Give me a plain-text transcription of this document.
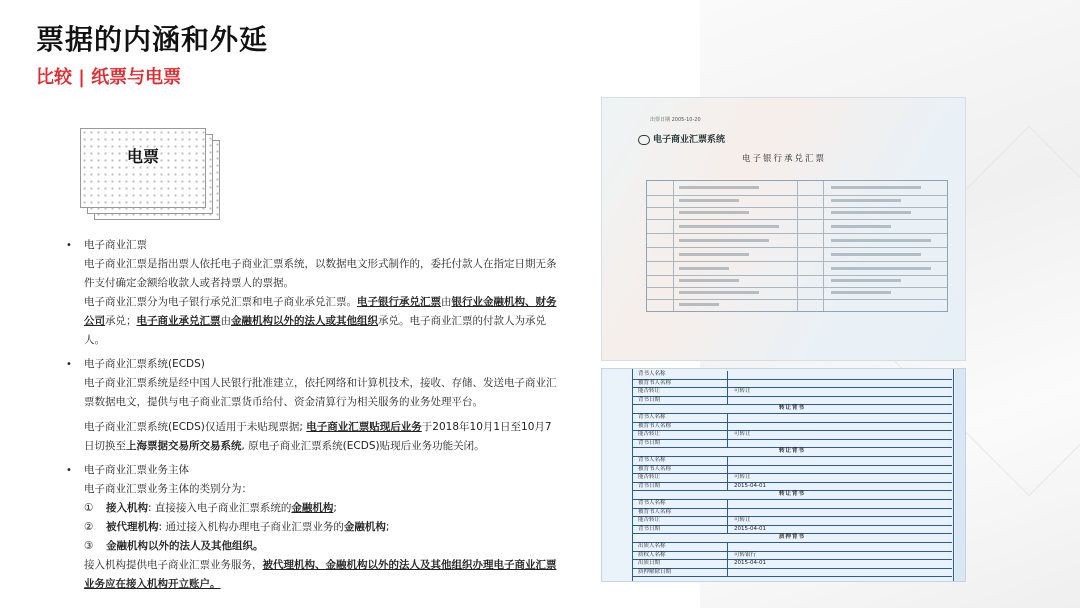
票据的内涵和外延
比较 | 纸票与电票
电票
• 电子商业汇票

电子商业汇票是指出票人依托电子商业汇票系统，以数据电文形式制作的，委托付款人在指定日期无条件支付确定金额给收款人或者持票人的票据。

电子商业汇票分为电子银行承兑汇票和电子商业承兑汇票。电子银行承兑汇票由银行业金融机构、财务公司承兑；电子商业承兑汇票由金融机构以外的法人或其他组织承兑。电子商业汇票的付款人为承兑人。

• 电子商业汇票系统(ECDS)

电子商业汇票系统是经中国人民银行批准建立，依托网络和计算机技术，接收、存储、发送电子商业汇票数据电文，提供与电子商业汇票货币给付、资金清算行为相关服务的业务处理平台。

电子商业汇票系统(ECDS)仅适用于未贴现票据; 电子商业汇票贴现后业务于2018年10月1日至10月7日切换至上海票据交易所交易系统, 原电子商业汇票系统(ECDS)贴现后业务功能关闭。

• 电子商业汇票业务主体

电子商业汇票业务主体的类别分为：

① 接入机构: 直接接入电子商业汇票系统的金融机构;

② 被代理机构: 通过接入机构办理电子商业汇票业务的金融机构;

③ 金融机构以外的法人及其他组织。

接入机构提供电子商业汇票业务服务，被代理机构、金融机构以外的法人及其他组织办理电子商业汇票业务应在接入机构开立账户。

出票日期 2005-10-20
电子商业汇票系统
电子银行承兑汇票
背书人名称
被背书人名称
能否转让	可转让
背书日期
转让背书
背书人名称
被背书人名称
能否转让	可转让
背书日期
转让背书
背书人名称
被背书人名称
能否转让	可转让
背书日期	2015-04-01
转让背书
背书人名称
被背书人名称
能否转让	可转让
背书日期	2015-04-01
质押背书
出质人名称
质权人名称	可转银行
出质日期	2015-04-01
质押解除日期
